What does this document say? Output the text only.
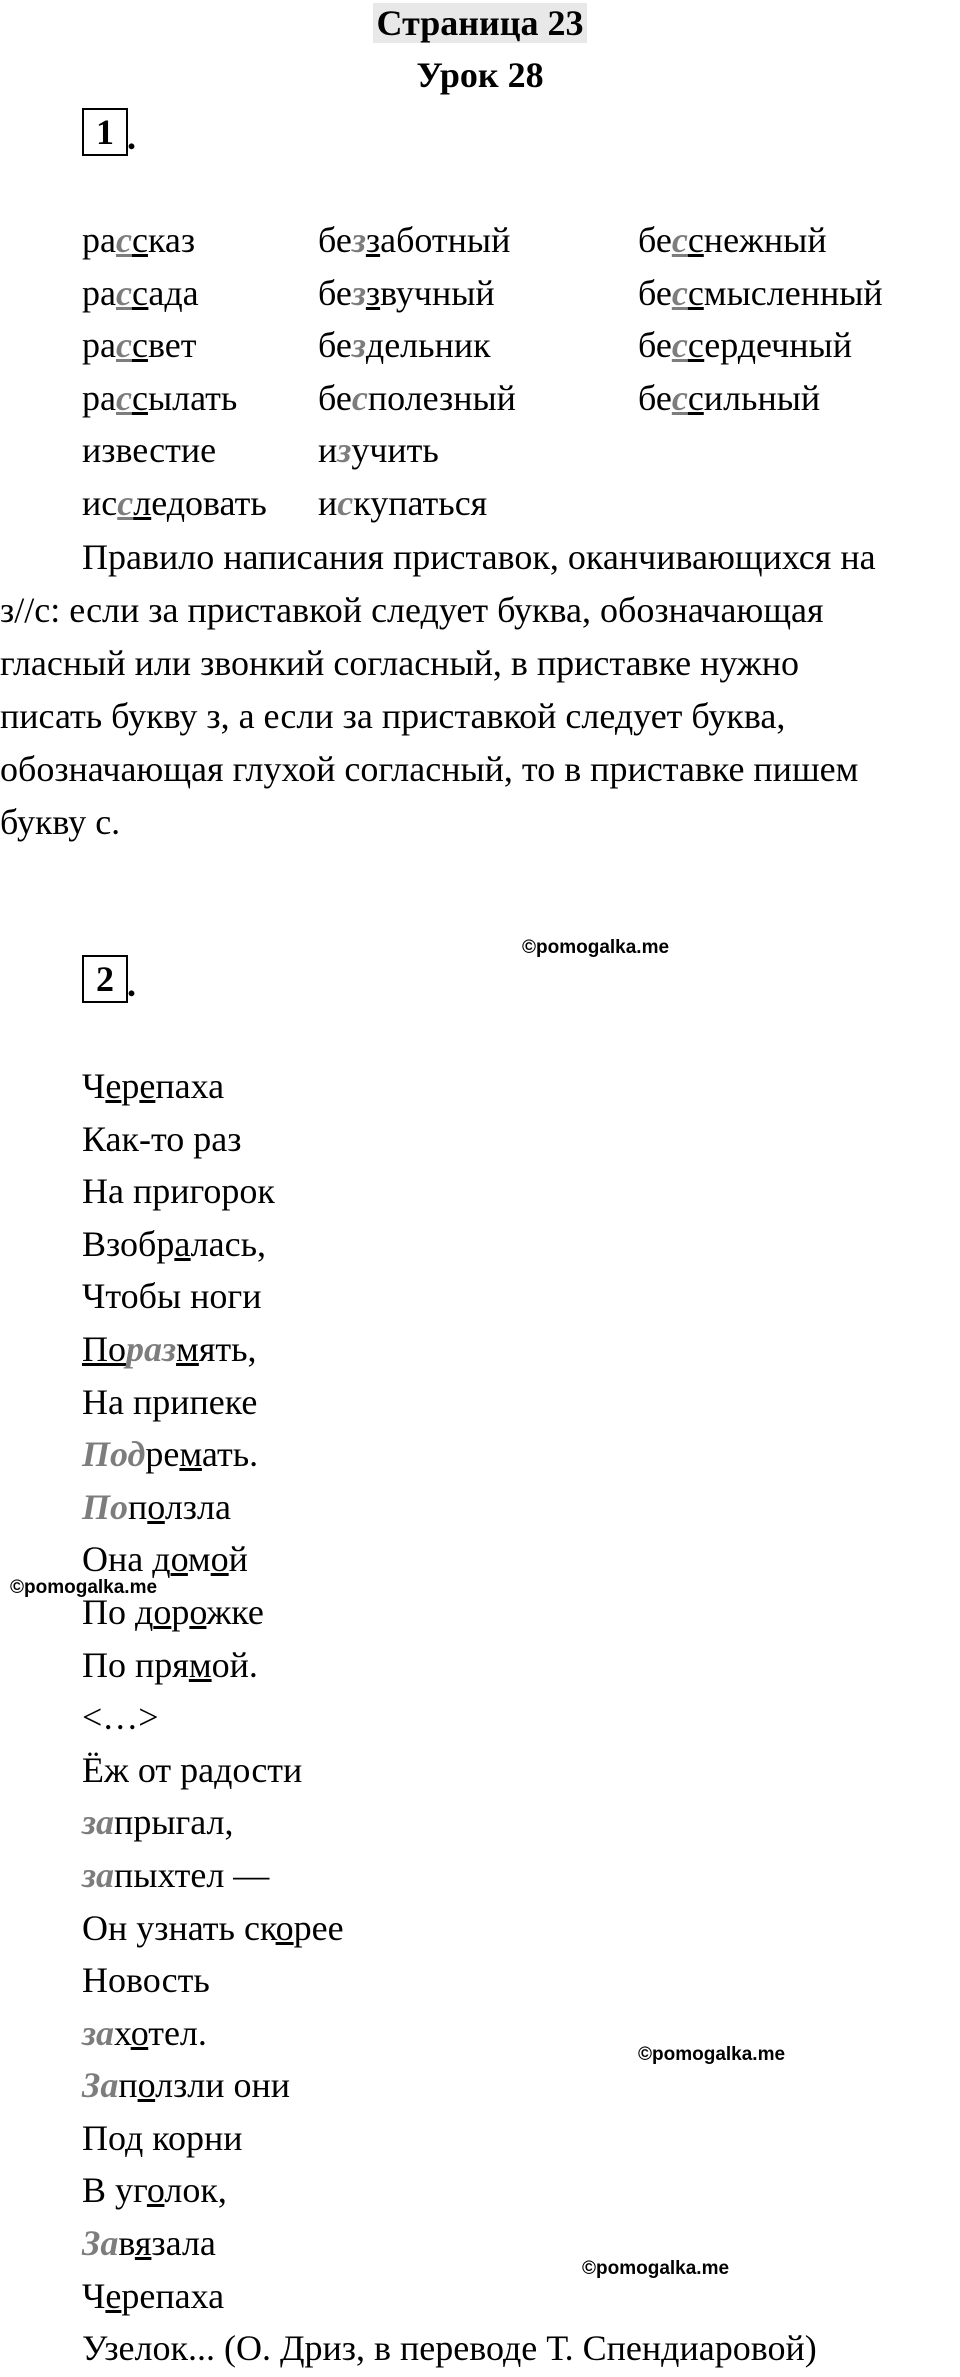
Страница 23
Урок 28
1 .
рассказ
рассада
рассвет
рассылать
известие
исследовать
беззаботный
беззвучный
бездельник
бесполезный
изучить
искупаться
бесснежный
бессмысленный
бессердечный
бессильный
Правило написания приставок, оканчивающихся на
з//с: если за приставкой следует буква, обозначающая
гласный или звонкий согласный, в приставке нужно
писать букву з, а если за приставкой следует буква,
обозначающая глухой согласный, то в приставке пишем
букву с.
©pomogalka.me
©pomogalka.me
©pomogalka.me
©pomogalka.me
2 .
Черепаха
Как-то раз
На пригорок
Взобралась,
Чтобы ноги
Поразмять,
На припеке
Подремать.
Поползла
Она домой
По дорожке
По прямой.
<…>
Ёж от радости
запрыгал,
запыхтел —
Он узнать скорее
Новость
захотел.
Заползли они
Под корни
В уголок,
Завязала
Черепаха
Узелок... (О. Дриз, в переводе Т. Спендиаровой)
